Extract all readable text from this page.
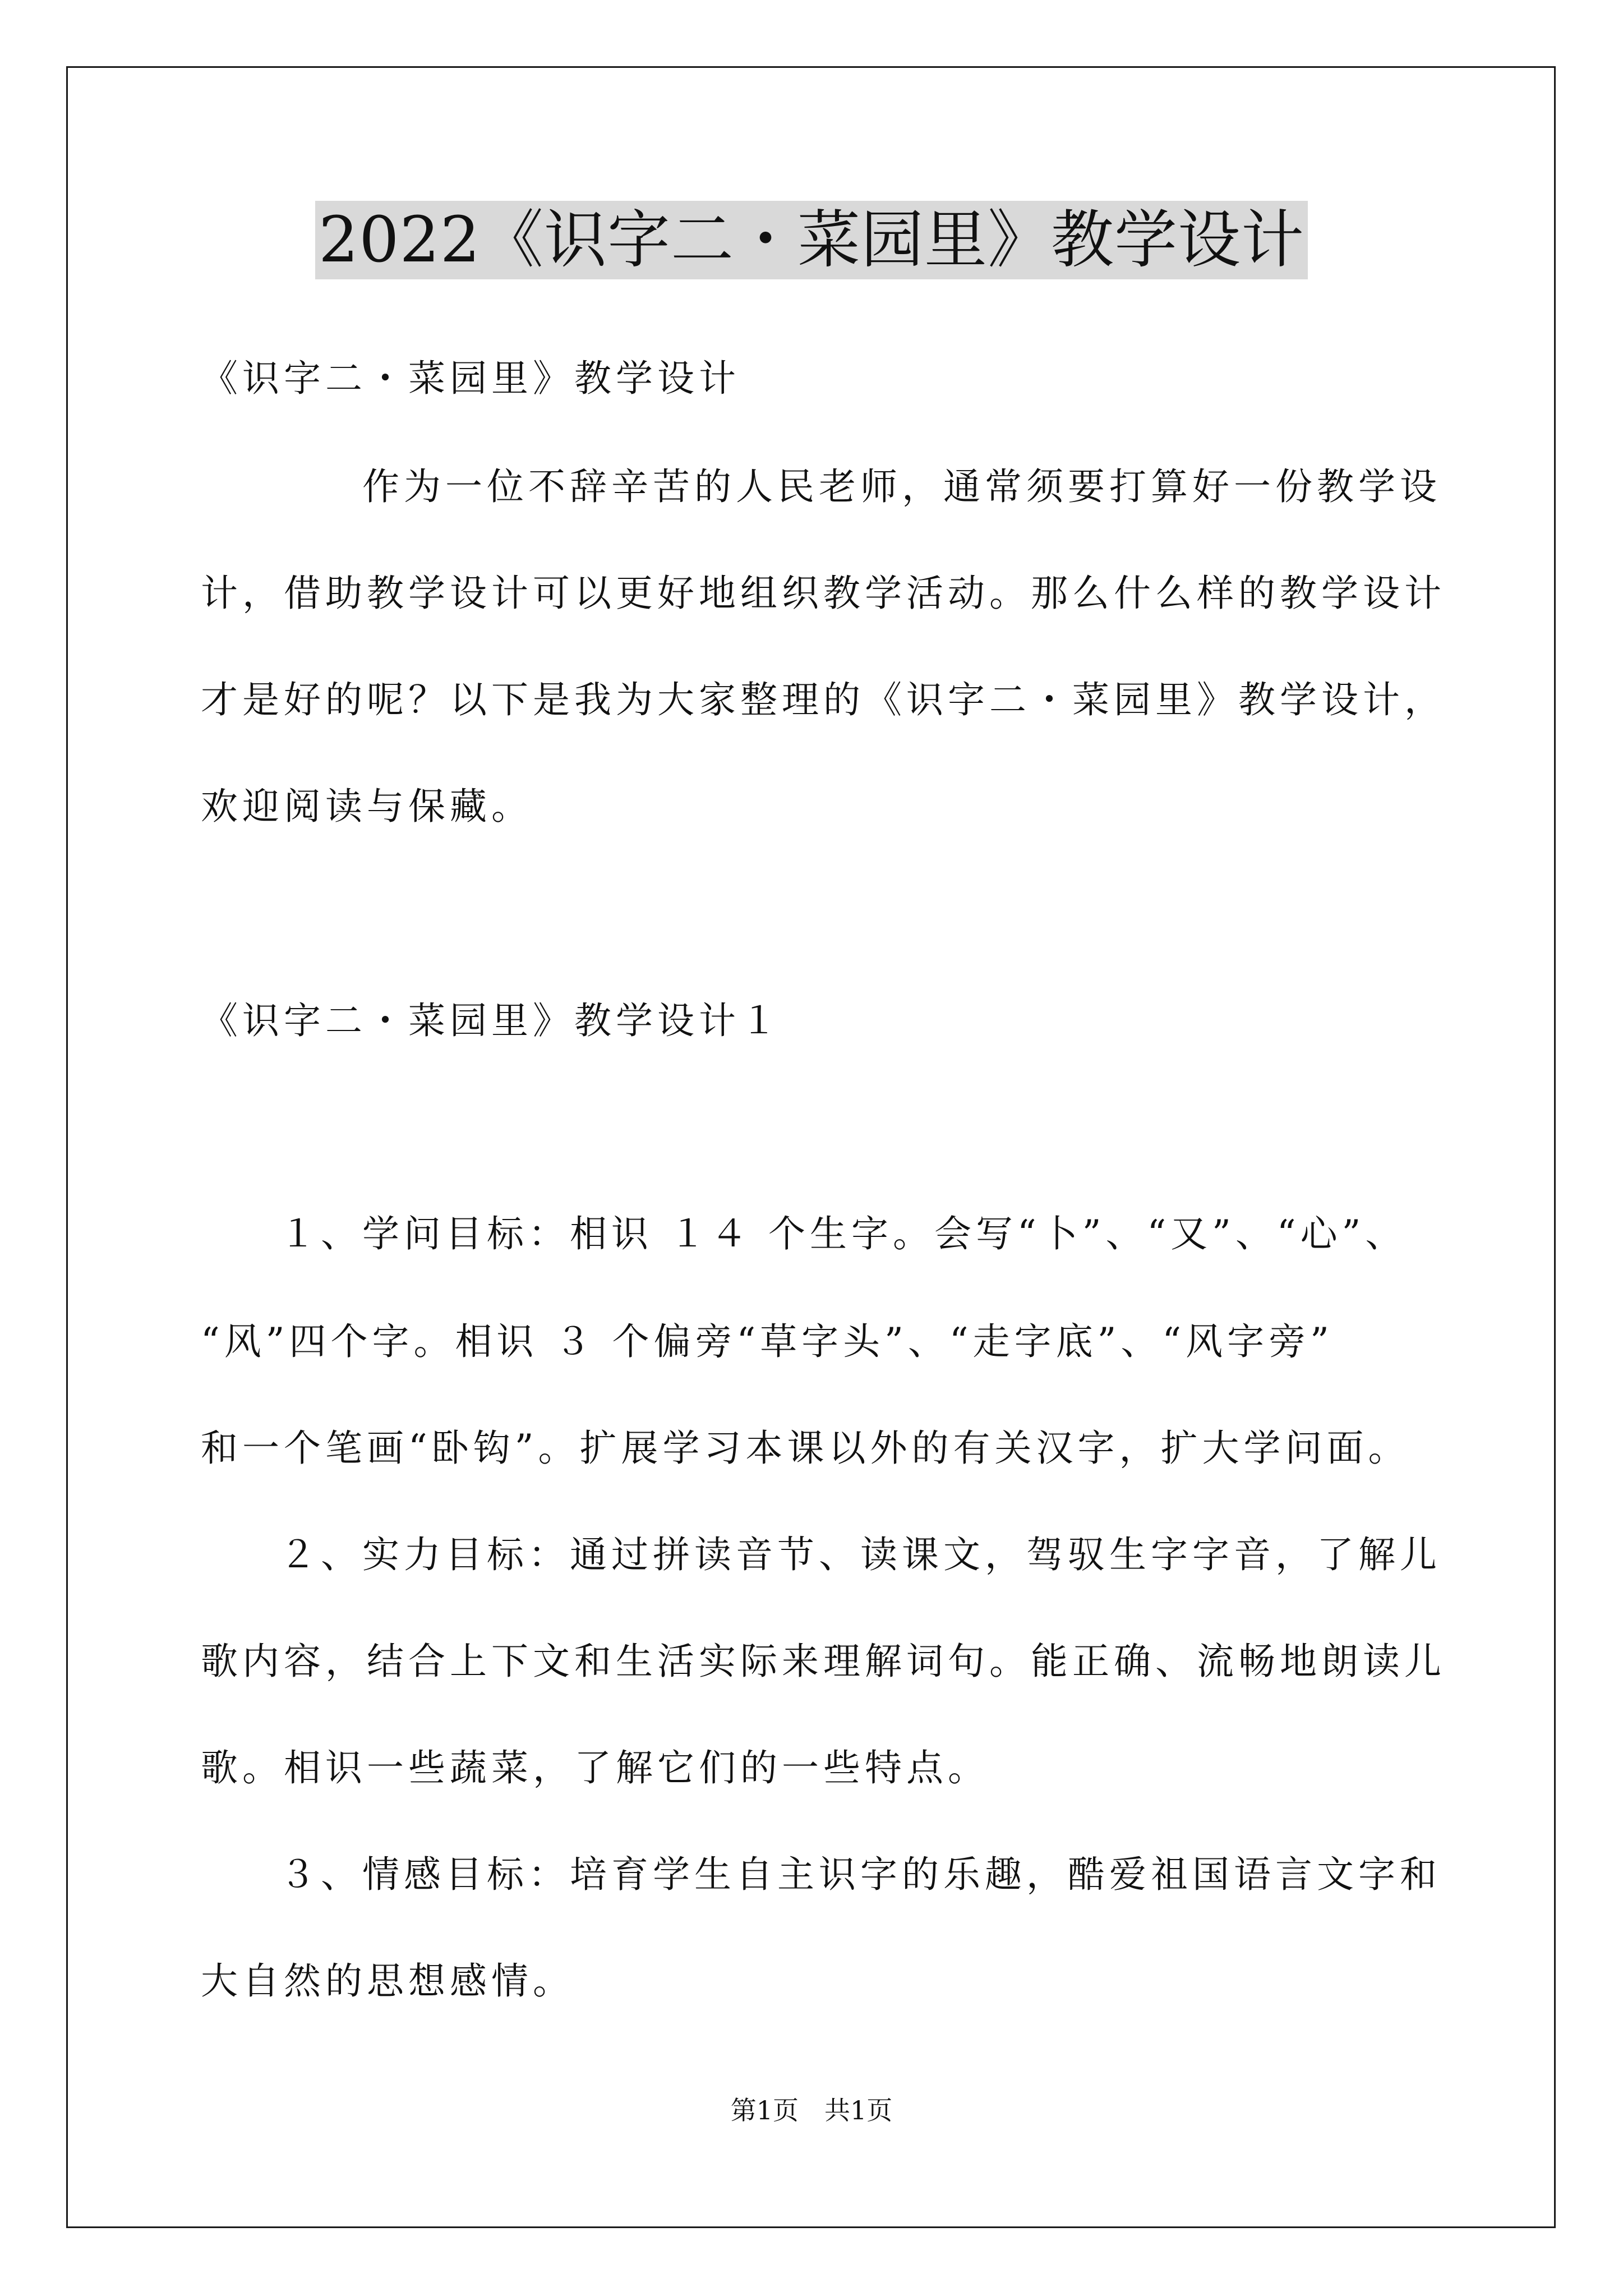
2022《识字二・菜园里》教学设计
《识字二・菜园里》教学设计
作为一位不辞辛苦的人民老师，通常须要打算好一份教学设
计，借助教学设计可以更好地组织教学活动。那么什么样的教学设计
才是好的呢？以下是我为大家整理的《识字二・菜园里》教学设计，
欢迎阅读与保藏。
《识字二・菜园里》教学设计１
１、学问目标：相识 １４ 个生字。会写“卜”、“又”、“心”、
“风”四个字。相识 ３ 个偏旁“草字头”、“走字底”、“风字旁”
和一个笔画“卧钩”。扩展学习本课以外的有关汉字，扩大学问面。
２、实力目标：通过拼读音节、读课文，驾驭生字字音，了解儿
歌内容，结合上下文和生活实际来理解词句。能正确、流畅地朗读儿
歌。相识一些蔬菜，了解它们的一些特点。
３、情感目标：培育学生自主识字的乐趣，酷爱祖国语言文字和
大自然的思想感情。
第1页　共1页
